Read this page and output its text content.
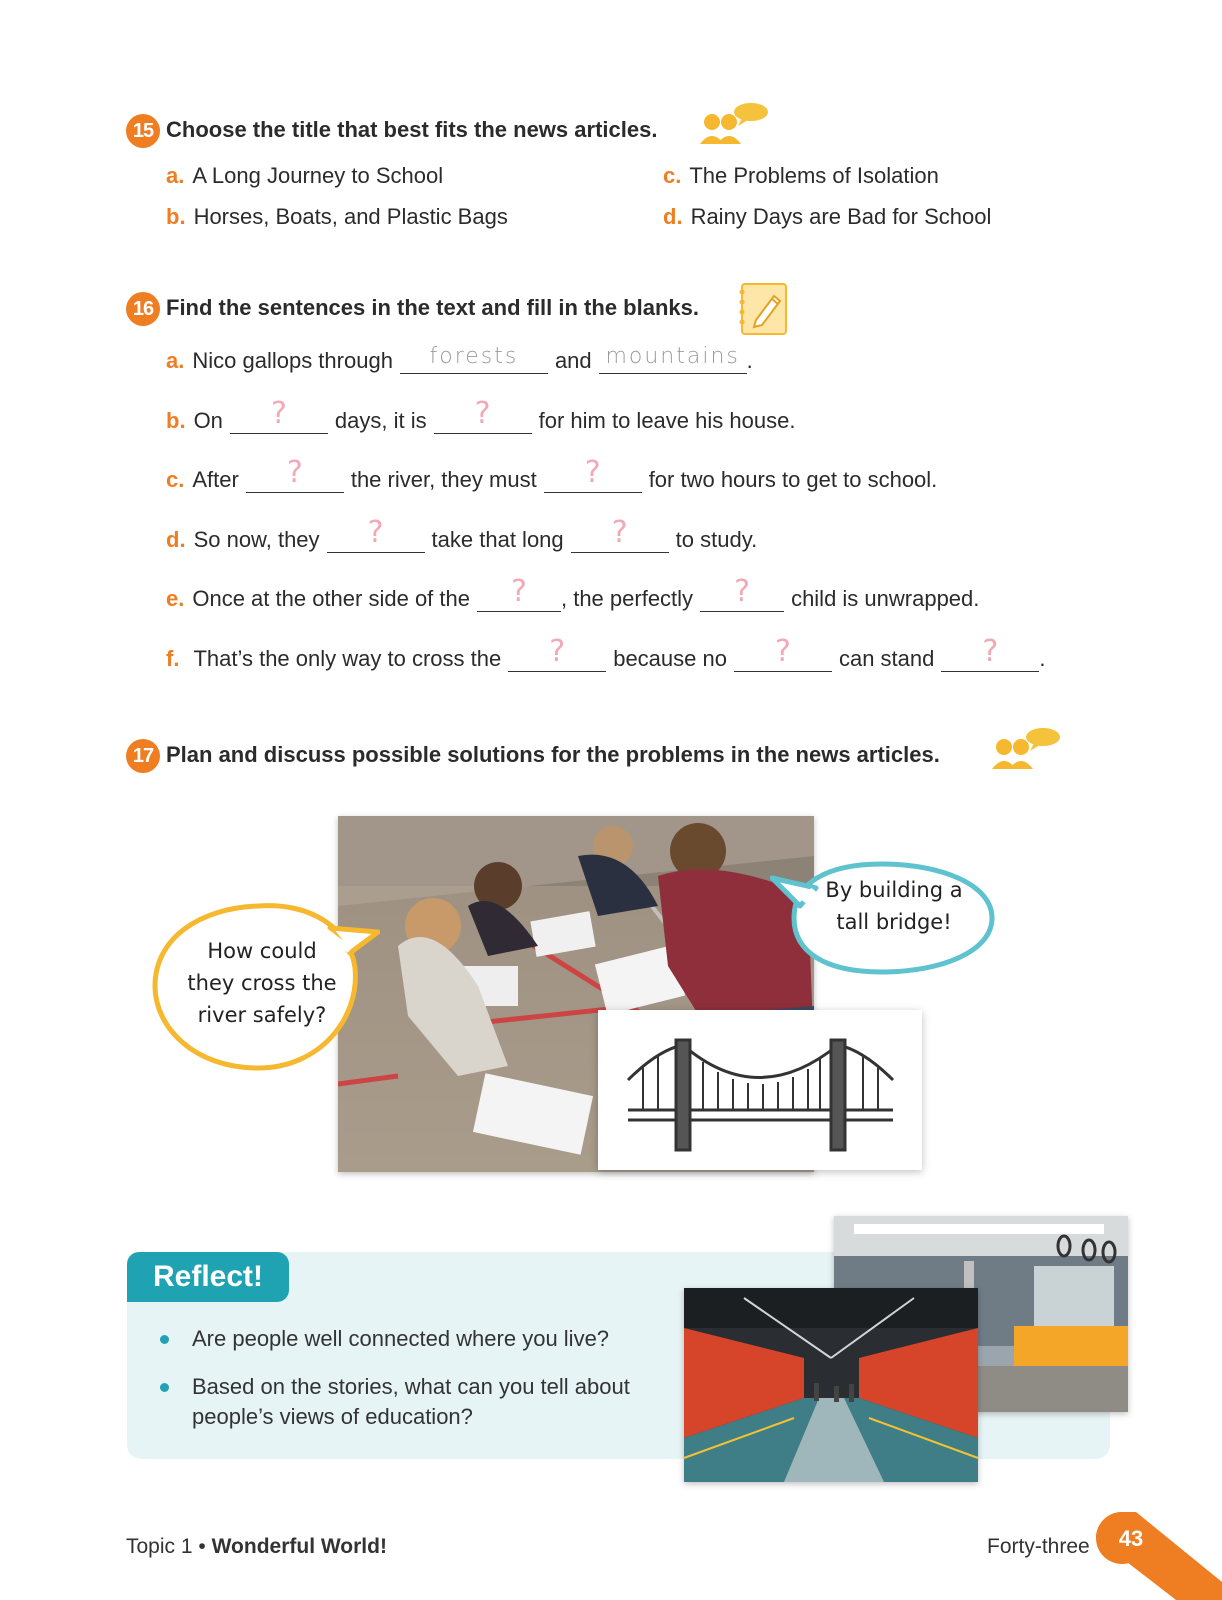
15 Choose the title that best fits the news articles.
a. A Long Journey to School
b. Horses, Boats, and Plastic Bags
c. The Problems of Isolation
d. Rainy Days are Bad for School
16 Find the sentences in the text and fill in the blanks.
a. Nico gallops through	forests	and mountains .
b. On	?	days, it is	?	for him to leave his house.
c. After	?	the river, they must	?	for two hours to get to school.
d. So now, they	?	take that long	?	to study.
e. Once at the other side of the	?	, the perfectly	?	child is unwrapped.
f. That’s the only way to cross the	?	because no	?	can stand	?	.
17 Plan and discuss possible solutions for the problems in the news articles.
How could they cross the river safely?
By building a tall bridge!
Reflect!
Are people well connected where you live?
Based on the stories, what can you tell about people’s views of education?
Topic 1 • Wonderful World!	Forty-three	43
